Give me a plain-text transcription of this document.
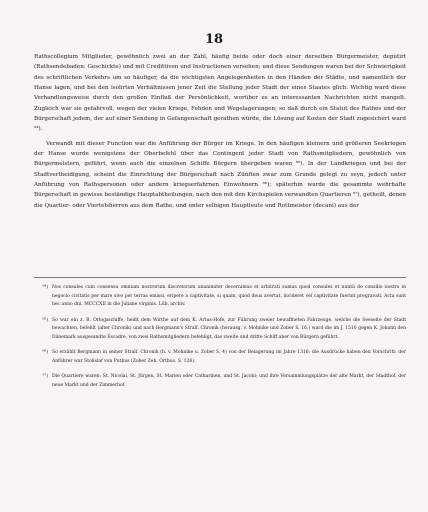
18

Rathscollegium Mitglieder, gewöhnlich zwei an der Zahl, häufig beide oder doch einer derselben Bürgermeister, deputirt (Rathsendebaden: Geschickte) und mit Credittiven und Instructionen versehen; und diese Sendungen waren bei der Schwierigkeit des schriftlichen Verkehrs um so häufiger, da die wichtigsten Angelegenheiten in den Händen der Städte, und namentlich der Hanse lagen, und bei den isolirten Verhältnissen jener Zeit die Stellung jeder Stadt der eines Staates glich. Wichtig ward diese Verhandlungsweise durch den großen Einfluß der Persönlichkeit, worüber es an interessanten Nachrichten nicht mangelt. Zugleich war sie gefahrvoll, wegen der vielen Kriege, Fehden und Wegelagerungen; so daß durch ein Statut des Rathes und der Bürgerschaft jedem, der auf einer Sendung in Gefangenschaft gerathen würde, die Lösung auf Kosten der Stadt zugesichert ward ⁶⁴).

Verwandt mit dieser Function war die Anführung der Bürger im Kriege. In den häufigen kleinern und größeren Seekriegen der Hanse wurde wenigstens der Oberbefehl über das Contingent jeder Stadt von Rathsmitgliedern, gewöhnlich von Bürgermeistern, geführt, wenn auch die einzelnen Schiffe Bürgern übergeben waren ⁶⁵). In der Landkriegen und bei der Stadtvertheidigung, scheint die Einrichtung der Bürgerschaft nach Zünften zwar zum Grunde gelegt zu seyn, jedoch unter Anführung von Rathspersonen oder andern kriegserfahrnen Einwohnern ⁶⁶); späterhin wurde die gesammte wehrhafte Bürgerschaft in gewisse beständige Hauptabtheilungen, nach den mit den Kirchspielen verwandten Quartieren ⁶⁷), getheilt, denen die Quartier- oder Viertelsherren aus dem Rathe, und unter selbigen Hauptleute und Rottmeister (decani) aus der

⁶⁴) Nos consules cum consensu omnium nostrorum discretorum unanimiter decernimus et arbitrati sumus quod consules et nuntii de consilio nostro in negocio civitatis per mare sive per terras emissi, eripere a captivitate, si quam, quod deus avertat, incideret vel captivitate fuerint pregravati. Acta sunt hec anno dni. MCCCXII in die Juliane virginis. Lüb. archiv.
⁶⁵) So war ein z. B. Orlogsschiffe, heißt dem Wirthe auf dem K. Artus-Hofe, zur Führung zweier bewaffneten Fahrzeuge, welche die Seeseite der Stadt bewachten, befehlt (alter Chronik) und nach Bergmann's Stralf. Chronik (herausg. v. Mohnike und Zober S. 16.) ward die im J. 1510 gegen K. Johann den Dänemark ausgesandte Escadre, von zwei Rathsmitgliedern befehligt, das zweite und dritte Schiff aber von Bürgern geführt.
⁶⁶) So erzählt Bergmann in seiner Stralf. Chronik (h. v. Mohnike u. Zober S. 4) von der Belagerung im Jahre 1316: die Ausdrücke haben den Vorschritt: der Anführer war Stolislaf von Putbus (Zober Zeh. Orthus. S. 126).
⁶⁷) Die Quartiere waren: St. Nicolai, St. Jürgen, St. Marien oder Catharinen, und St. Jacobi; und ihre Versammlungsplätze der alte Markt, der Stadthof, der neue Markt und der Zimmerhof.
